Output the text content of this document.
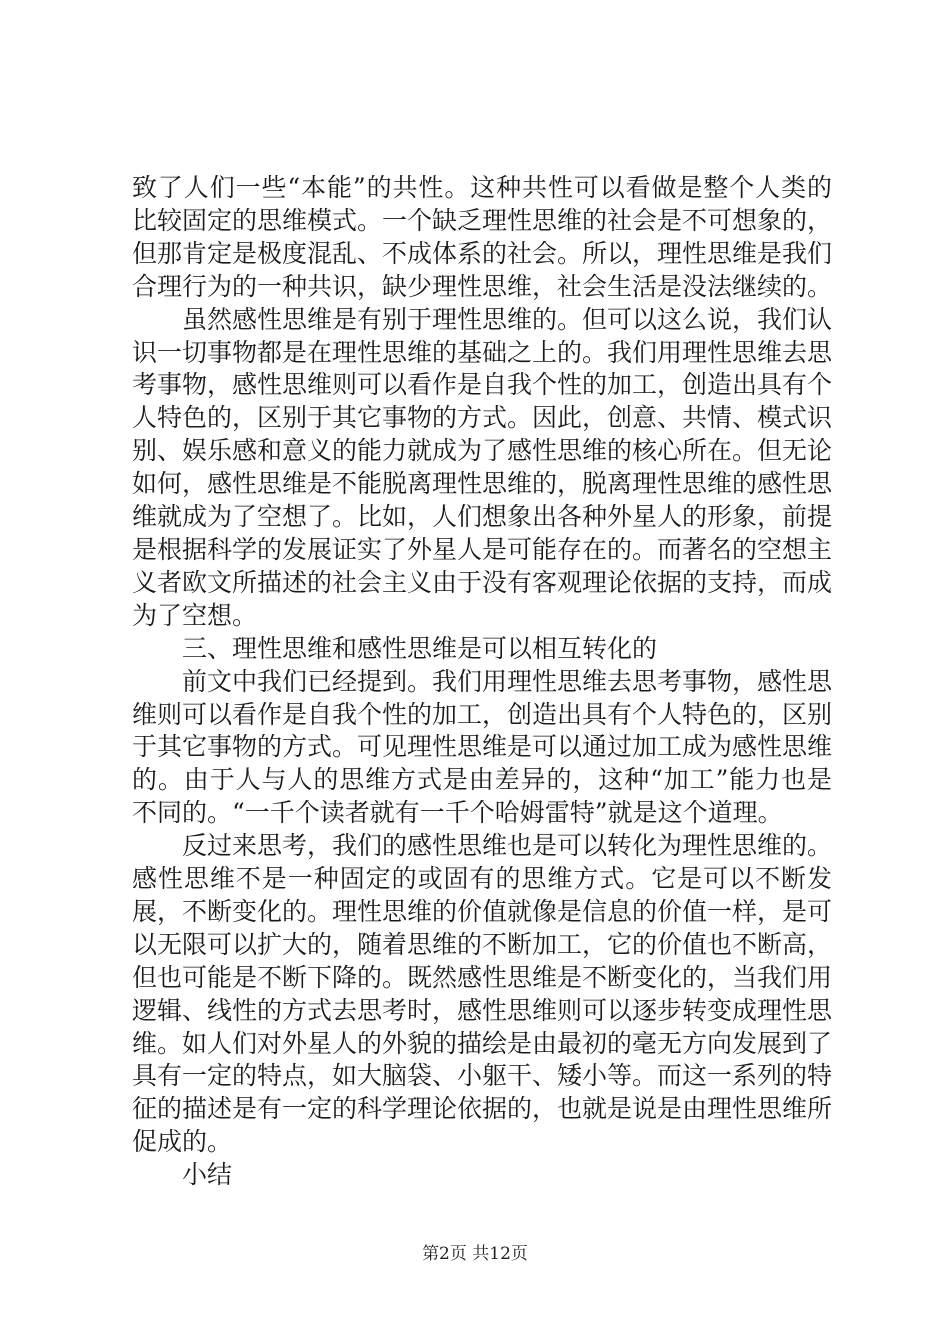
致了人们一些“本能”的共性。这种共性可以看做是整个人类的比较固定的思维模式。一个缺乏理性思维的社会是不可想象的，但那肯定是极度混乱、不成体系的社会。所以，理性思维是我们合理行为的一种共识，缺少理性思维，社会生活是没法继续的。

虽然感性思维是有别于理性思维的。但可以这么说，我们认识一切事物都是在理性思维的基础之上的。我们用理性思维去思考事物，感性思维则可以看作是自我个性的加工，创造出具有个人特色的，区别于其它事物的方式。因此，创意、共情、模式识别、娱乐感和意义的能力就成为了感性思维的核心所在。但无论如何，感性思维是不能脱离理性思维的，脱离理性思维的感性思维就成为了空想了。比如，人们想象出各种外星人的形象，前提是根据科学的发展证实了外星人是可能存在的。而著名的空想主义者欧文所描述的社会主义由于没有客观理论依据的支持，而成为了空想。

三、理性思维和感性思维是可以相互转化的

前文中我们已经提到。我们用理性思维去思考事物，感性思维则可以看作是自我个性的加工，创造出具有个人特色的，区别于其它事物的方式。可见理性思维是可以通过加工成为感性思维的。由于人与人的思维方式是由差异的，这种“加工”能力也是不同的。“一千个读者就有一千个哈姆雷特”就是这个道理。

反过来思考，我们的感性思维也是可以转化为理性思维的。感性思维不是一种固定的或固有的思维方式。它是可以不断发展，不断变化的。理性思维的价值就像是信息的价值一样，是可以无限可以扩大的，随着思维的不断加工，它的价值也不断高，但也可能是不断下降的。既然感性思维是不断变化的，当我们用逻辑、线性的方式去思考时，感性思维则可以逐步转变成理性思维。如人们对外星人的外貌的描绘是由最初的毫无方向发展到了具有一定的特点，如大脑袋、小躯干、矮小等。而这一系列的特征的描述是有一定的科学理论依据的，也就是说是由理性思维所促成的。

小结

第2页 共12页
